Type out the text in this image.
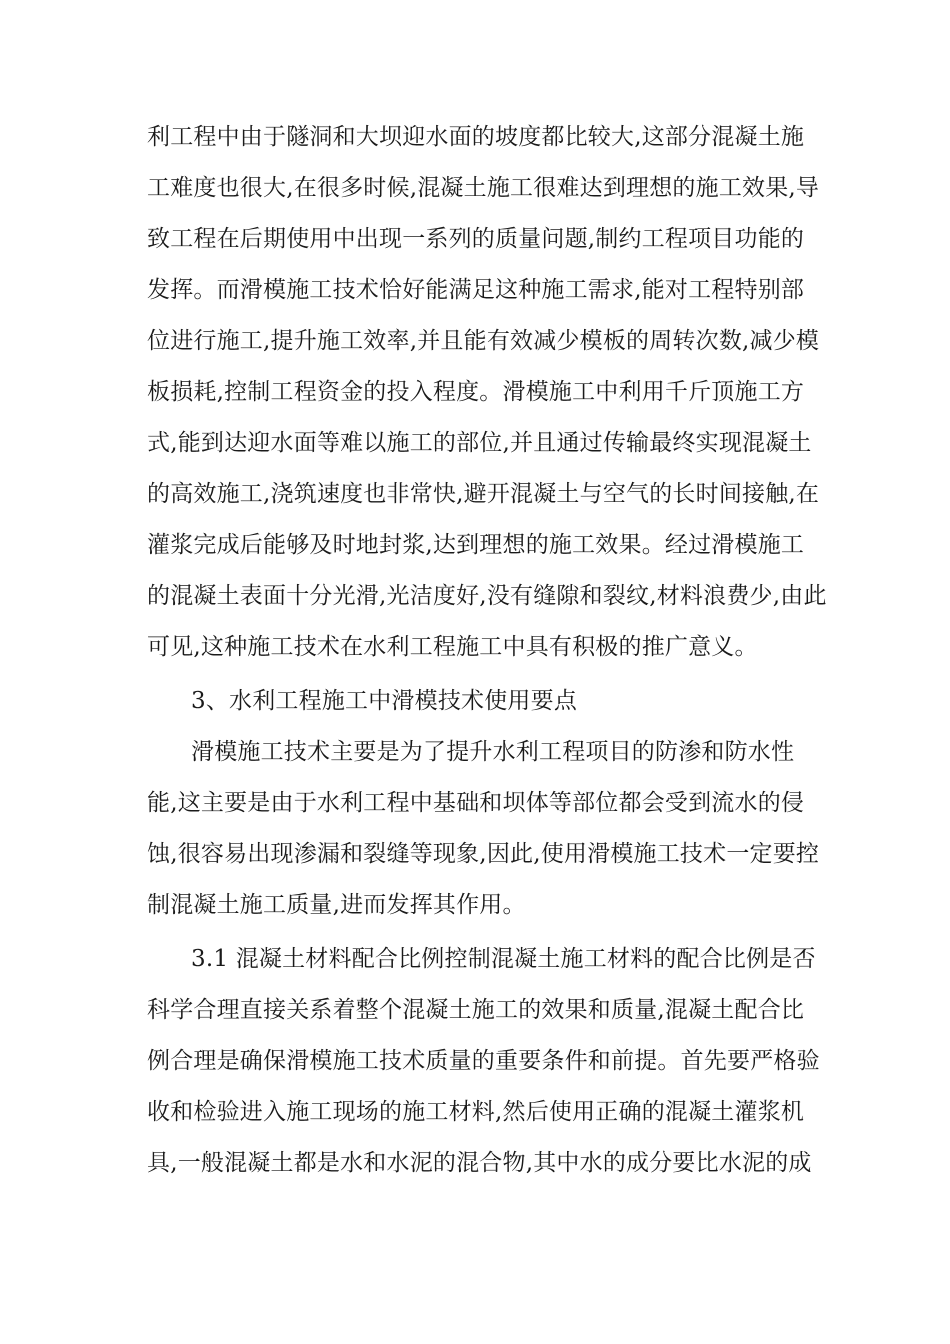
利工程中由于隧洞和大坝迎水面的坡度都比较大,这部分混凝土施
工难度也很大,在很多时候,混凝土施工很难达到理想的施工效果,导
致工程在后期使用中出现一系列的质量问题,制约工程项目功能的
发挥。而滑模施工技术恰好能满足这种施工需求,能对工程特别部
位进行施工,提升施工效率,并且能有效减少模板的周转次数,减少模
板损耗,控制工程资金的投入程度。滑模施工中利用千斤顶施工方
式,能到达迎水面等难以施工的部位,并且通过传输最终实现混凝土
的高效施工,浇筑速度也非常快,避开混凝土与空气的长时间接触,在
灌浆完成后能够及时地封浆,达到理想的施工效果。经过滑模施工
的混凝土表面十分光滑,光洁度好,没有缝隙和裂纹,材料浪费少,由此
可见,这种施工技术在水利工程施工中具有积极的推广意义。
3、水利工程施工中滑模技术使用要点
滑模施工技术主要是为了提升水利工程项目的防渗和防水性
能,这主要是由于水利工程中基础和坝体等部位都会受到流水的侵
蚀,很容易出现渗漏和裂缝等现象,因此,使用滑模施工技术一定要控
制混凝土施工质量,进而发挥其作用。
3.1 混凝土材料配合比例控制混凝土施工材料的配合比例是否
科学合理直接关系着整个混凝土施工的效果和质量,混凝土配合比
例合理是确保滑模施工技术质量的重要条件和前提。首先要严格验
收和检验进入施工现场的施工材料,然后使用正确的混凝土灌浆机
具,一般混凝土都是水和水泥的混合物,其中水的成分要比水泥的成
